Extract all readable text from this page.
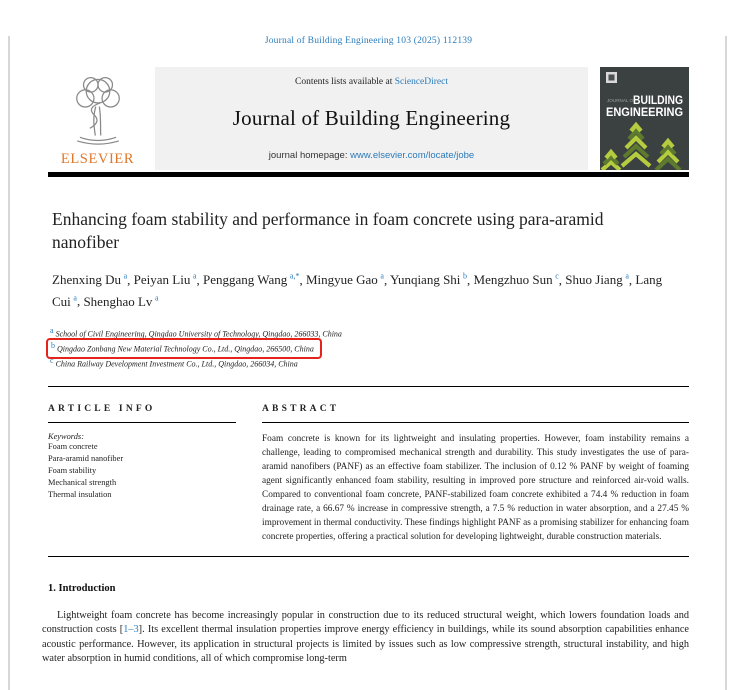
Journal of Building Engineering 103 (2025) 112139
ELSEVIER
Contents lists available at ScienceDirect
Journal of Building Engineering
journal homepage: www.elsevier.com/locate/jobe
JOURNAL OF
BUILDING
ENGINEERING
Enhancing foam stability and performance in foam concrete using para-aramid nanofiber
Zhenxing Du $^a$, Peiyan Liu $^a$, Penggang Wang $^{a,*}$, Mingyue Gao $^a$, Yunqiang Shi $^b$, Mengzhuo Sun $^c$, Shuo Jiang $^a$, Lang Cui $^a$, Shenghao Lv $^a$
$^a$ School of Civil Engineering, Qingdao University of Technology, Qingdao, 266033, China
$^b$ Qingdao Zonbang New Material Technology Co., Ltd., Qingdao, 266500, China
$^c$ China Railway Development Investment Co., Ltd., Qingdao, 266034, China
ARTICLE INFO
Keywords:
Foam concrete
Para-aramid nanofiber
Foam stability
Mechanical strength
Thermal insulation
ABSTRACT

Foam concrete is known for its lightweight and insulating properties. However, foam instability remains a challenge, leading to compromised mechanical strength and durability. This study investigates the use of para-aramid nanofibers (PANF) as an effective foam stabilizer. The inclusion of 0.12 % PANF by weight of foaming agent significantly enhanced foam stability, resulting in improved pore structure and reinforced air-void walls. Compared to conventional foam concrete, PANF-stabilized foam concrete exhibited a 74.4 % reduction in foam drainage rate, a 66.67 % increase in compressive strength, a 7.5 % reduction in water absorption, and a 27.45 % improvement in thermal conductivity. These findings highlight PANF as a promising stabilizer for enhancing foam concrete properties, offering a practical solution for developing lightweight, durable construction materials.

1. Introduction

Lightweight foam concrete has become increasingly popular in construction due to its reduced structural weight, which lowers foundation loads and construction costs [1–3]. Its excellent thermal insulation properties improve energy efficiency in buildings, while its sound absorption capabilities enhance acoustic performance. However, its application in structural projects is limited by issues such as low compressive strength, structural instability, and high water absorption in humid conditions, all of which compromise long-term
